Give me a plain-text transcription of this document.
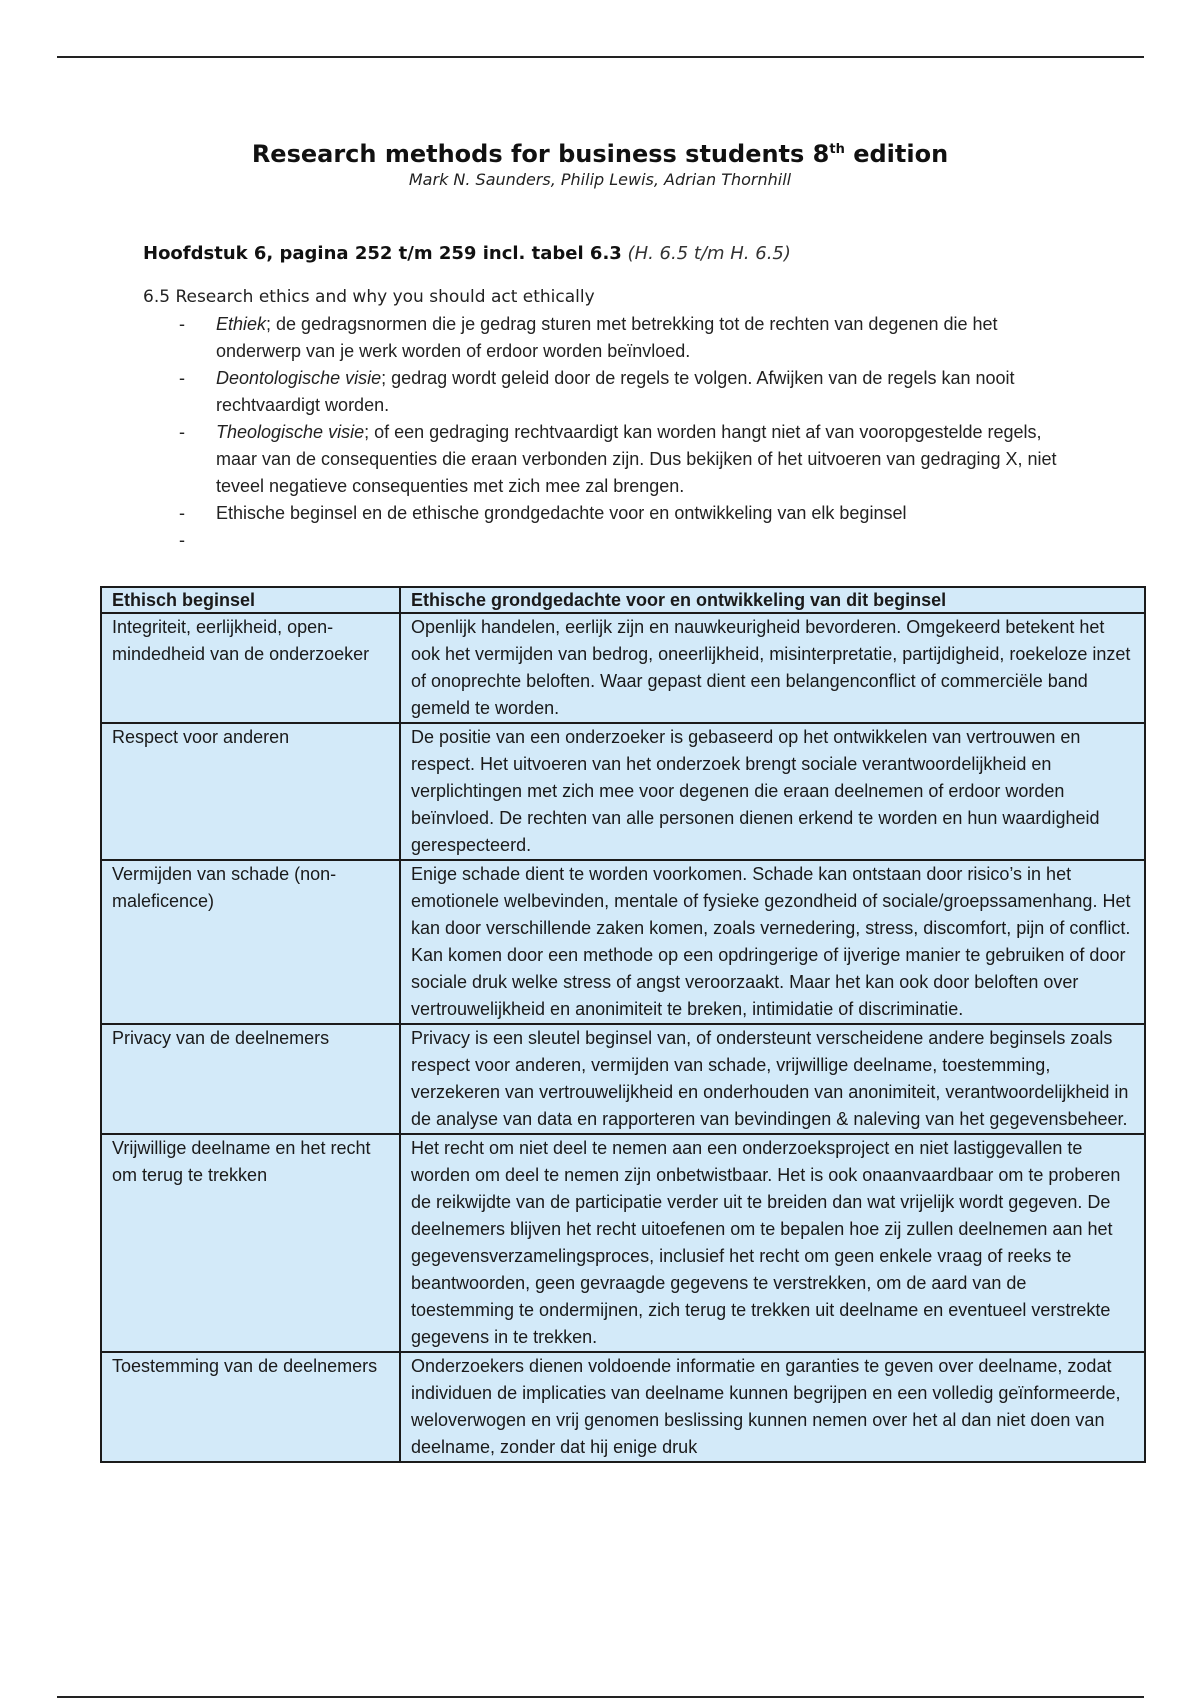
Research methods for business students 8th edition
Mark N. Saunders, Philip Lewis, Adrian Thornhill
Hoofdstuk 6, pagina 252 t/m 259 incl. tabel 6.3 (H. 6.5 t/m H. 6.5)
6.5 Research ethics and why you should act ethically

- Ethiek; de gedragsnormen die je gedrag sturen met betrekking tot de rechten van degenen die het onderwerp van je werk worden of erdoor worden beïnvloed.

- Deontologische visie; gedrag wordt geleid door de regels te volgen. Afwijken van de regels kan nooit rechtvaardigt worden.

- Theologische visie; of een gedraging rechtvaardigt kan worden hangt niet af van vooropgestelde regels, maar van de consequenties die eraan verbonden zijn. Dus bekijken of het uitvoeren van gedraging X, niet teveel negatieve consequenties met zich mee zal brengen.

- Ethische beginsel en de ethische grondgedachte voor en ontwikkeling van elk beginsel

-

Ethisch beginsel	Ethische grondgedachte voor en ontwikkeling van dit beginsel
Integriteit, eerlijkheid, open-mindedheid van de onderzoeker	Openlijk handelen, eerlijk zijn en nauwkeurigheid bevorderen. Omgekeerd betekent het ook het vermijden van bedrog, oneerlijkheid, misinterpretatie, partijdigheid, roekeloze inzet of onoprechte beloften. Waar gepast dient een belangenconflict of commerciële band gemeld te worden.
Respect voor anderen	De positie van een onderzoeker is gebaseerd op het ontwikkelen van vertrouwen en respect. Het uitvoeren van het onderzoek brengt sociale verantwoordelijkheid en verplichtingen met zich mee voor degenen die eraan deelnemen of erdoor worden beïnvloed. De rechten van alle personen dienen erkend te worden en hun waardigheid gerespecteerd.
Vermijden van schade (non-maleficence)	Enige schade dient te worden voorkomen. Schade kan ontstaan door risico’s in het emotionele welbevinden, mentale of fysieke gezondheid of sociale/groepssamenhang. Het kan door verschillende zaken komen, zoals vernedering, stress, discomfort, pijn of conflict. Kan komen door een methode op een opdringerige of ijverige manier te gebruiken of door sociale druk welke stress of angst veroorzaakt. Maar het kan ook door beloften over vertrouwelijkheid en anonimiteit te breken, intimidatie of discriminatie.
Privacy van de deelnemers	Privacy is een sleutel beginsel van, of ondersteunt verscheidene andere beginsels zoals respect voor anderen, vermijden van schade, vrijwillige deelname, toestemming, verzekeren van vertrouwelijkheid en onderhouden van anonimiteit, verantwoordelijkheid in de analyse van data en rapporteren van bevindingen & naleving van het gegevensbeheer.
Vrijwillige deelname en het recht om terug te trekken	Het recht om niet deel te nemen aan een onderzoeksproject en niet lastiggevallen te worden om deel te nemen zijn onbetwistbaar. Het is ook onaanvaardbaar om te proberen de reikwijdte van de participatie verder uit te breiden dan wat vrijelijk wordt gegeven. De deelnemers blijven het recht uitoefenen om te bepalen hoe zij zullen deelnemen aan het gegevensverzamelingsproces, inclusief het recht om geen enkele vraag of reeks te beantwoorden, geen gevraagde gegevens te verstrekken, om de aard van de toestemming te ondermijnen, zich terug te trekken uit deelname en eventueel verstrekte gegevens in te trekken.
Toestemming van de deelnemers	Onderzoekers dienen voldoende informatie en garanties te geven over deelname, zodat individuen de implicaties van deelname kunnen begrijpen en een volledig geïnformeerde, weloverwogen en vrij genomen beslissing kunnen nemen over het al dan niet doen van deelname, zonder dat hij enige druk
